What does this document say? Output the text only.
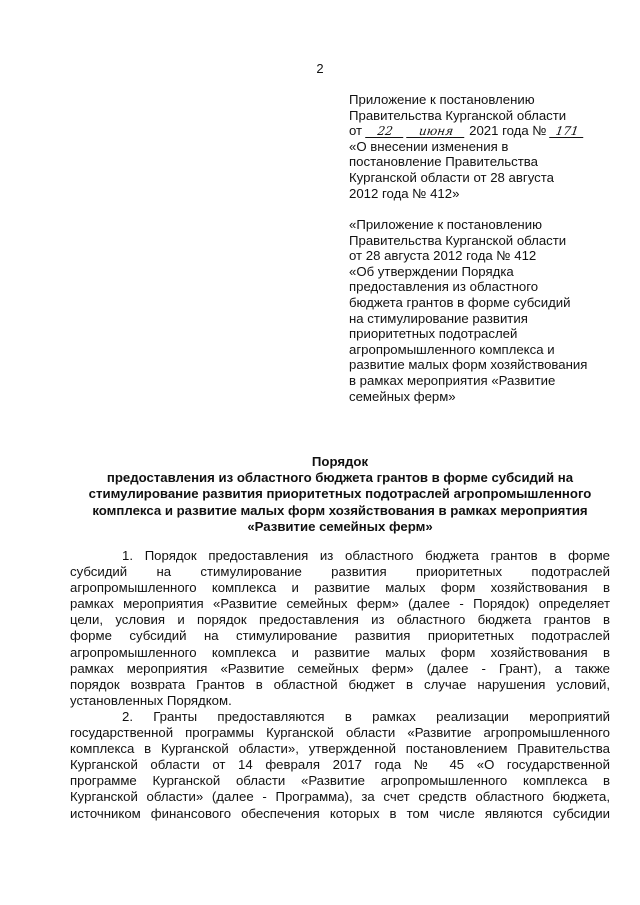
2
Приложение к постановлению
Правительства Курганской области
от 22 июня 2021 года № 171
«О внесении изменения в
постановление Правительства
Курганской области от 28 августа
2012 года № 412»
«Приложение к постановлению
Правительства Курганской области
от 28 августа 2012 года № 412
«Об утверждении Порядка
предоставления из областного
бюджета грантов в форме субсидий
на стимулирование развития
приоритетных подотраслей
агропромышленного комплекса и
развитие малых форм хозяйствования
в рамках мероприятия «Развитие
семейных ферм»
Порядок
предоставления из областного бюджета грантов в форме субсидий на
стимулирование развития приоритетных подотраслей агропромышленного
комплекса и развитие малых форм хозяйствования в рамках мероприятия
«Развитие семейных ферм»
1. Порядок предоставления из областного бюджета грантов в форме
субсидий на стимулирование развития приоритетных подотраслей
агропромышленного комплекса и развитие малых форм хозяйствования в
рамках мероприятия «Развитие семейных ферм» (далее - Порядок) определяет
цели, условия и порядок предоставления из областного бюджета грантов в
форме субсидий на стимулирование развития приоритетных подотраслей
агропромышленного комплекса и развитие малых форм хозяйствования в
рамках мероприятия «Развитие семейных ферм» (далее - Грант), а также
порядок возврата Грантов в областной бюджет в случае нарушения условий,
установленных Порядком.
2. Гранты предоставляются в рамках реализации мероприятий
государственной программы Курганской области «Развитие агропромышленного
комплекса в Курганской области», утвержденной постановлением Правительства
Курганской области от 14 февраля 2017 года № 45 «О государственной
программе Курганской области «Развитие агропромышленного комплекса в
Курганской области» (далее - Программа), за счет средств областного бюджета,
источником финансового обеспечения которых в том числе являются субсидии
